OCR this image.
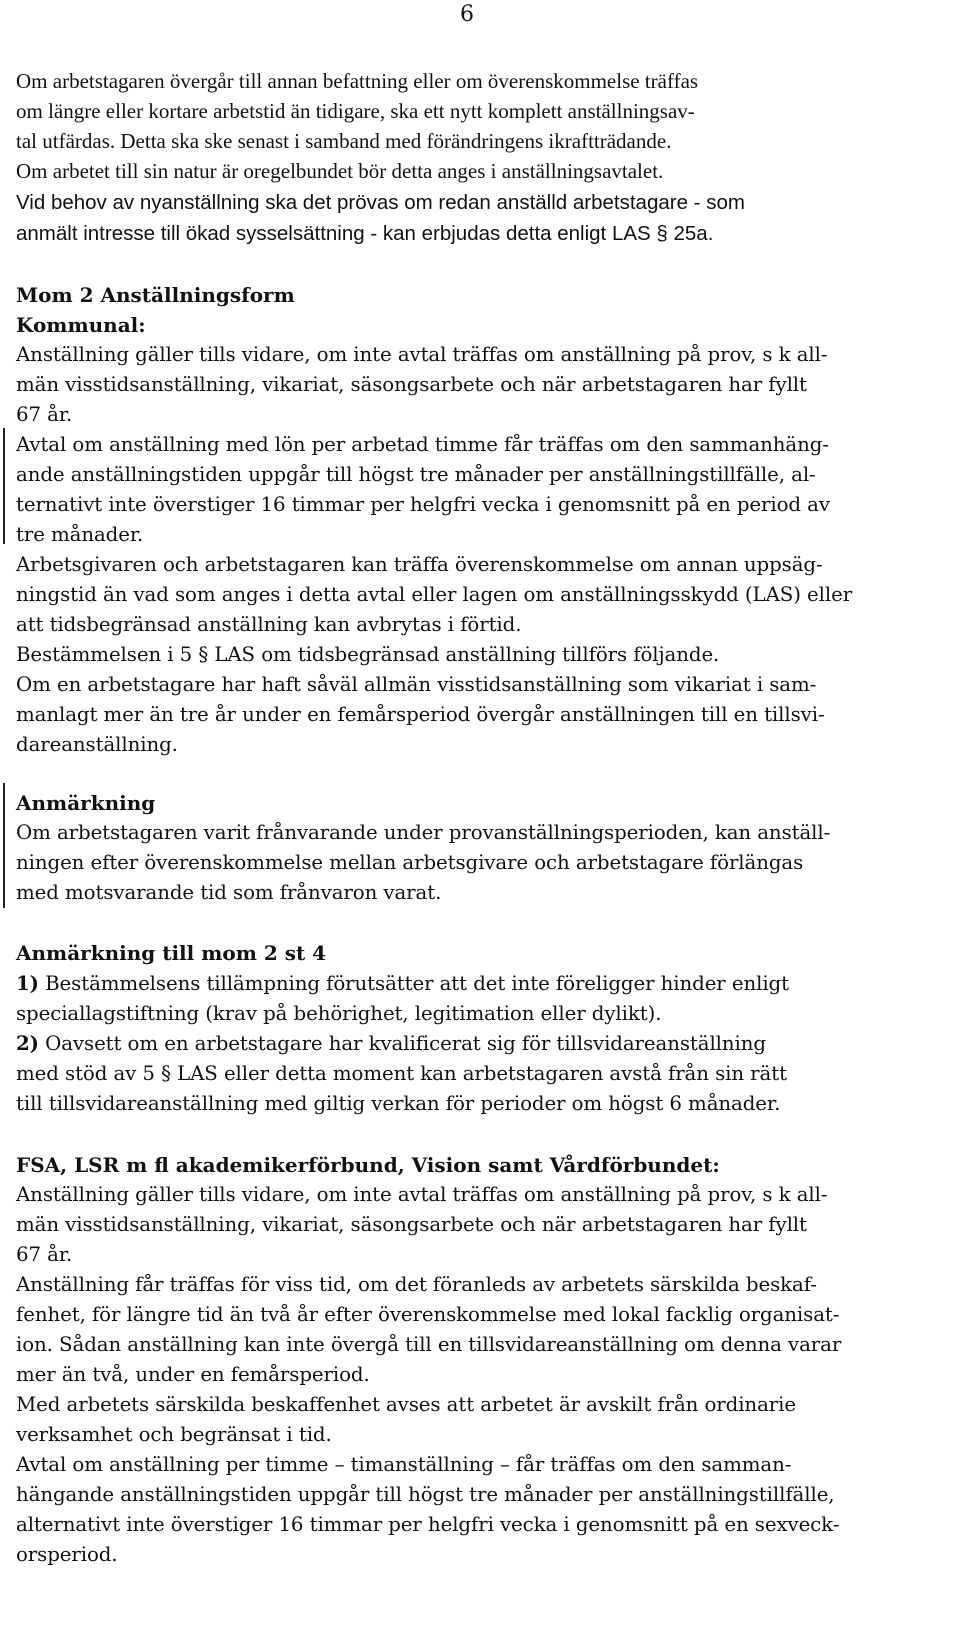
6
Om arbetstagaren övergår till annan befattning eller om överenskommelse träffas
om längre eller kortare arbetstid än tidigare, ska ett nytt komplett anställningsav-
tal utfärdas. Detta ska ske senast i samband med förändringens ikraftträdande.
Om arbetet till sin natur är oregelbundet bör detta anges i anställningsavtalet.
Vid behov av nyanställning ska det prövas om redan anställd arbetstagare - som
anmält intresse till ökad sysselsättning - kan erbjudas detta enligt LAS § 25a.
Mom 2 Anställningsform
Kommunal:
Anställning gäller tills vidare, om inte avtal träffas om anställning på prov, s k all-
män visstidsanställning, vikariat, säsongsarbete och när arbetstagaren har fyllt
67 år.
Avtal om anställning med lön per arbetad timme får träffas om den sammanhäng-
ande anställningstiden uppgår till högst tre månader per anställningstillfälle, al-
ternativt inte överstiger 16 timmar per helgfri vecka i genomsnitt på en period av
tre månader.
Arbetsgivaren och arbetstagaren kan träffa överenskommelse om annan uppsäg-
ningstid än vad som anges i detta avtal eller lagen om anställningsskydd (LAS) eller
att tidsbegränsad anställning kan avbrytas i förtid.
Bestämmelsen i 5 § LAS om tidsbegränsad anställning tillförs följande.
Om en arbetstagare har haft såväl allmän visstidsanställning som vikariat i sam-
manlagt mer än tre år under en femårsperiod övergår anställningen till en tillsvi-
dareanställning.
Anmärkning
Om arbetstagaren varit frånvarande under provanställningsperioden, kan anställ-
ningen efter överenskommelse mellan arbetsgivare och arbetstagare förlängas
med motsvarande tid som frånvaron varat.
Anmärkning till mom 2 st 4
1) Bestämmelsens tillämpning förutsätter att det inte föreligger hinder enligt
speciallagstiftning (krav på behörighet, legitimation eller dylikt).
2) Oavsett om en arbetstagare har kvalificerat sig för tillsvidareanställning
med stöd av 5 § LAS eller detta moment kan arbetstagaren avstå från sin rätt
till tillsvidareanställning med giltig verkan för perioder om högst 6 månader.
FSA, LSR m fl akademikerförbund, Vision samt Vårdförbundet:
Anställning gäller tills vidare, om inte avtal träffas om anställning på prov, s k all-
män visstidsanställning, vikariat, säsongsarbete och när arbetstagaren har fyllt
67 år.
Anställning får träffas för viss tid, om det föranleds av arbetets särskilda beskaf-
fenhet, för längre tid än två år efter överenskommelse med lokal facklig organisat-
ion. Sådan anställning kan inte övergå till en tillsvidareanställning om denna varar
mer än två, under en femårsperiod.
Med arbetets särskilda beskaffenhet avses att arbetet är avskilt från ordinarie
verksamhet och begränsat i tid.
Avtal om anställning per timme – timanställning – får träffas om den samman-
hängande anställningstiden uppgår till högst tre månader per anställningstillfälle,
alternativt inte överstiger 16 timmar per helgfri vecka i genomsnitt på en sexveck-
orsperiod.
